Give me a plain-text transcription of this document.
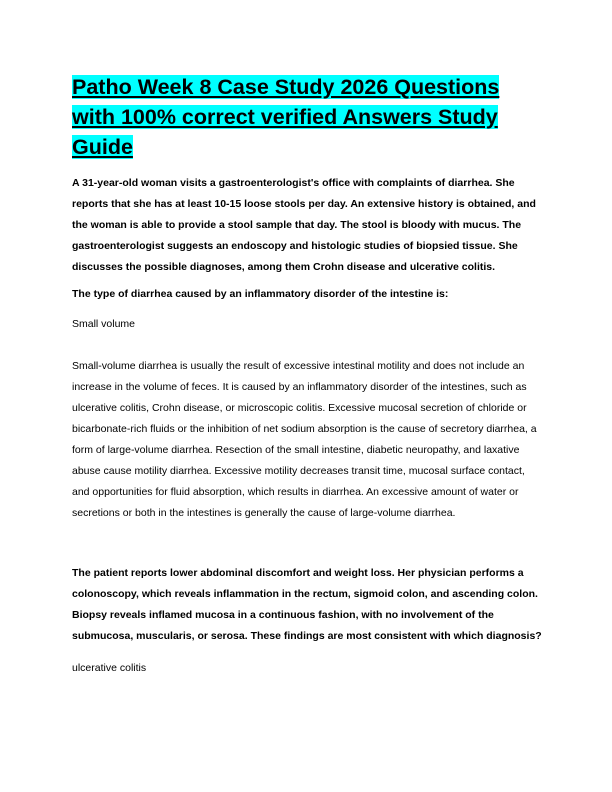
Patho Week 8 Case Study 2026 Questions with 100% correct verified Answers Study Guide

A 31-year-old woman visits a gastroenterologist's office with complaints of diarrhea. She reports that she has at least 10-15 loose stools per day. An extensive history is obtained, and the woman is able to provide a stool sample that day. The stool is bloody with mucus. The gastroenterologist suggests an endoscopy and histologic studies of biopsied tissue. She discusses the possible diagnoses, among them Crohn disease and ulcerative colitis.

The type of diarrhea caused by an inflammatory disorder of the intestine is:

Small volume

Small-volume diarrhea is usually the result of excessive intestinal motility and does not include an increase in the volume of feces. It is caused by an inflammatory disorder of the intestines, such as ulcerative colitis, Crohn disease, or microscopic colitis. Excessive mucosal secretion of chloride or bicarbonate-rich fluids or the inhibition of net sodium absorption is the cause of secretory diarrhea, a form of large-volume diarrhea. Resection of the small intestine, diabetic neuropathy, and laxative abuse cause motility diarrhea. Excessive motility decreases transit time, mucosal surface contact, and opportunities for fluid absorption, which results in diarrhea. An excessive amount of water or secretions or both in the intestines is generally the cause of large-volume diarrhea.

The patient reports lower abdominal discomfort and weight loss. Her physician performs a colonoscopy, which reveals inflammation in the rectum, sigmoid colon, and ascending colon. Biopsy reveals inflamed mucosa in a continuous fashion, with no involvement of the submucosa, muscularis, or serosa. These findings are most consistent with which diagnosis?

ulcerative colitis
